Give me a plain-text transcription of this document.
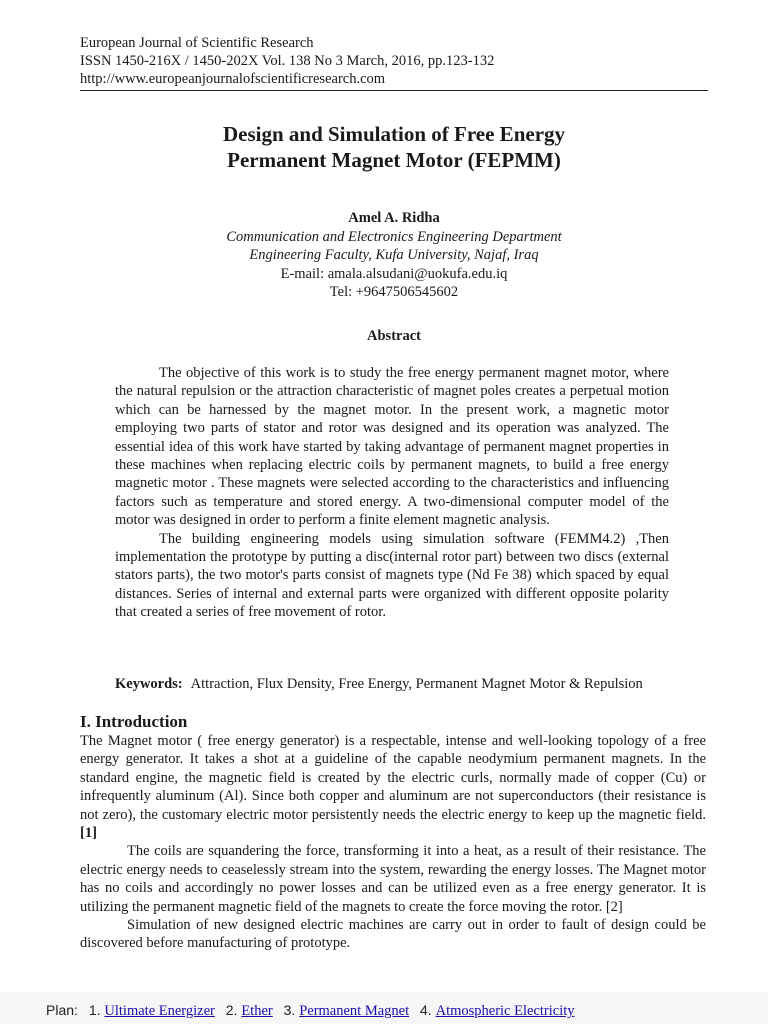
European Journal of Scientific Research
ISSN 1450-216X / 1450-202X Vol. 138 No 3 March, 2016, pp.123-132
http://www.europeanjournalofscientificresearch.com
Design and Simulation of Free Energy
Permanent Magnet Motor (FEPMM)
Amel A. Ridha
Communication and Electronics Engineering Department
Engineering Faculty, Kufa University, Najaf, Iraq
E-mail: amala.alsudani@uokufa.edu.iq
Tel: +9647506545602
Abstract

The objective of this work is to study the free energy permanent magnet motor, where the natural repulsion or the attraction characteristic of magnet poles creates a perpetual motion which can be harnessed by the magnet motor. In the present work, a magnetic motor employing two parts of stator and rotor was designed and its operation was analyzed. The essential idea of this work have started by taking advantage of permanent magnet properties in these machines when replacing electric coils by permanent magnets, to build a free energy magnetic motor . These magnets were selected according to the characteristics and influencing factors such as temperature and stored energy. A two-dimensional computer model of the motor was designed in order to perform a finite element magnetic analysis.

The building engineering models using simulation software (FEMM4.2) ,Then implementation the prototype by putting a disc(internal rotor part) between two discs (external stators parts), the two motor's parts consist of magnets type (Nd Fe 38) which spaced by equal distances. Series of internal and external parts were organized with different opposite polarity that created a series of free movement of rotor.

Keywords: Attraction, Flux Density, Free Energy, Permanent Magnet Motor & Repulsion
I. Introduction

The Magnet motor ( free energy generator) is a respectable, intense and well-looking topology of a free energy generator. It takes a shot at a guideline of the capable neodymium permanent magnets. In the standard engine, the magnetic field is created by the electric curls, normally made of copper (Cu) or infrequently aluminum (Al). Since both copper and aluminum are not superconductors (their resistance is not zero), the customary electric motor persistently needs the electric energy to keep up the magnetic field. [1]

The coils are squandering the force, transforming it into a heat, as a result of their resistance. The electric energy needs to ceaselessly stream into the system, rewarding the energy losses. The Magnet motor has no coils and accordingly no power losses and can be utilized even as a free energy generator. It is utilizing the permanent magnetic field of the magnets to create the force moving the rotor. [2]

Simulation of new designed electric machines are carry out in order to fault of design could be discovered before manufacturing of prototype.

Plan: 1. Ultimate Energizer 2. Ether 3. Permanent Magnet 4. Atmospheric Electricity
